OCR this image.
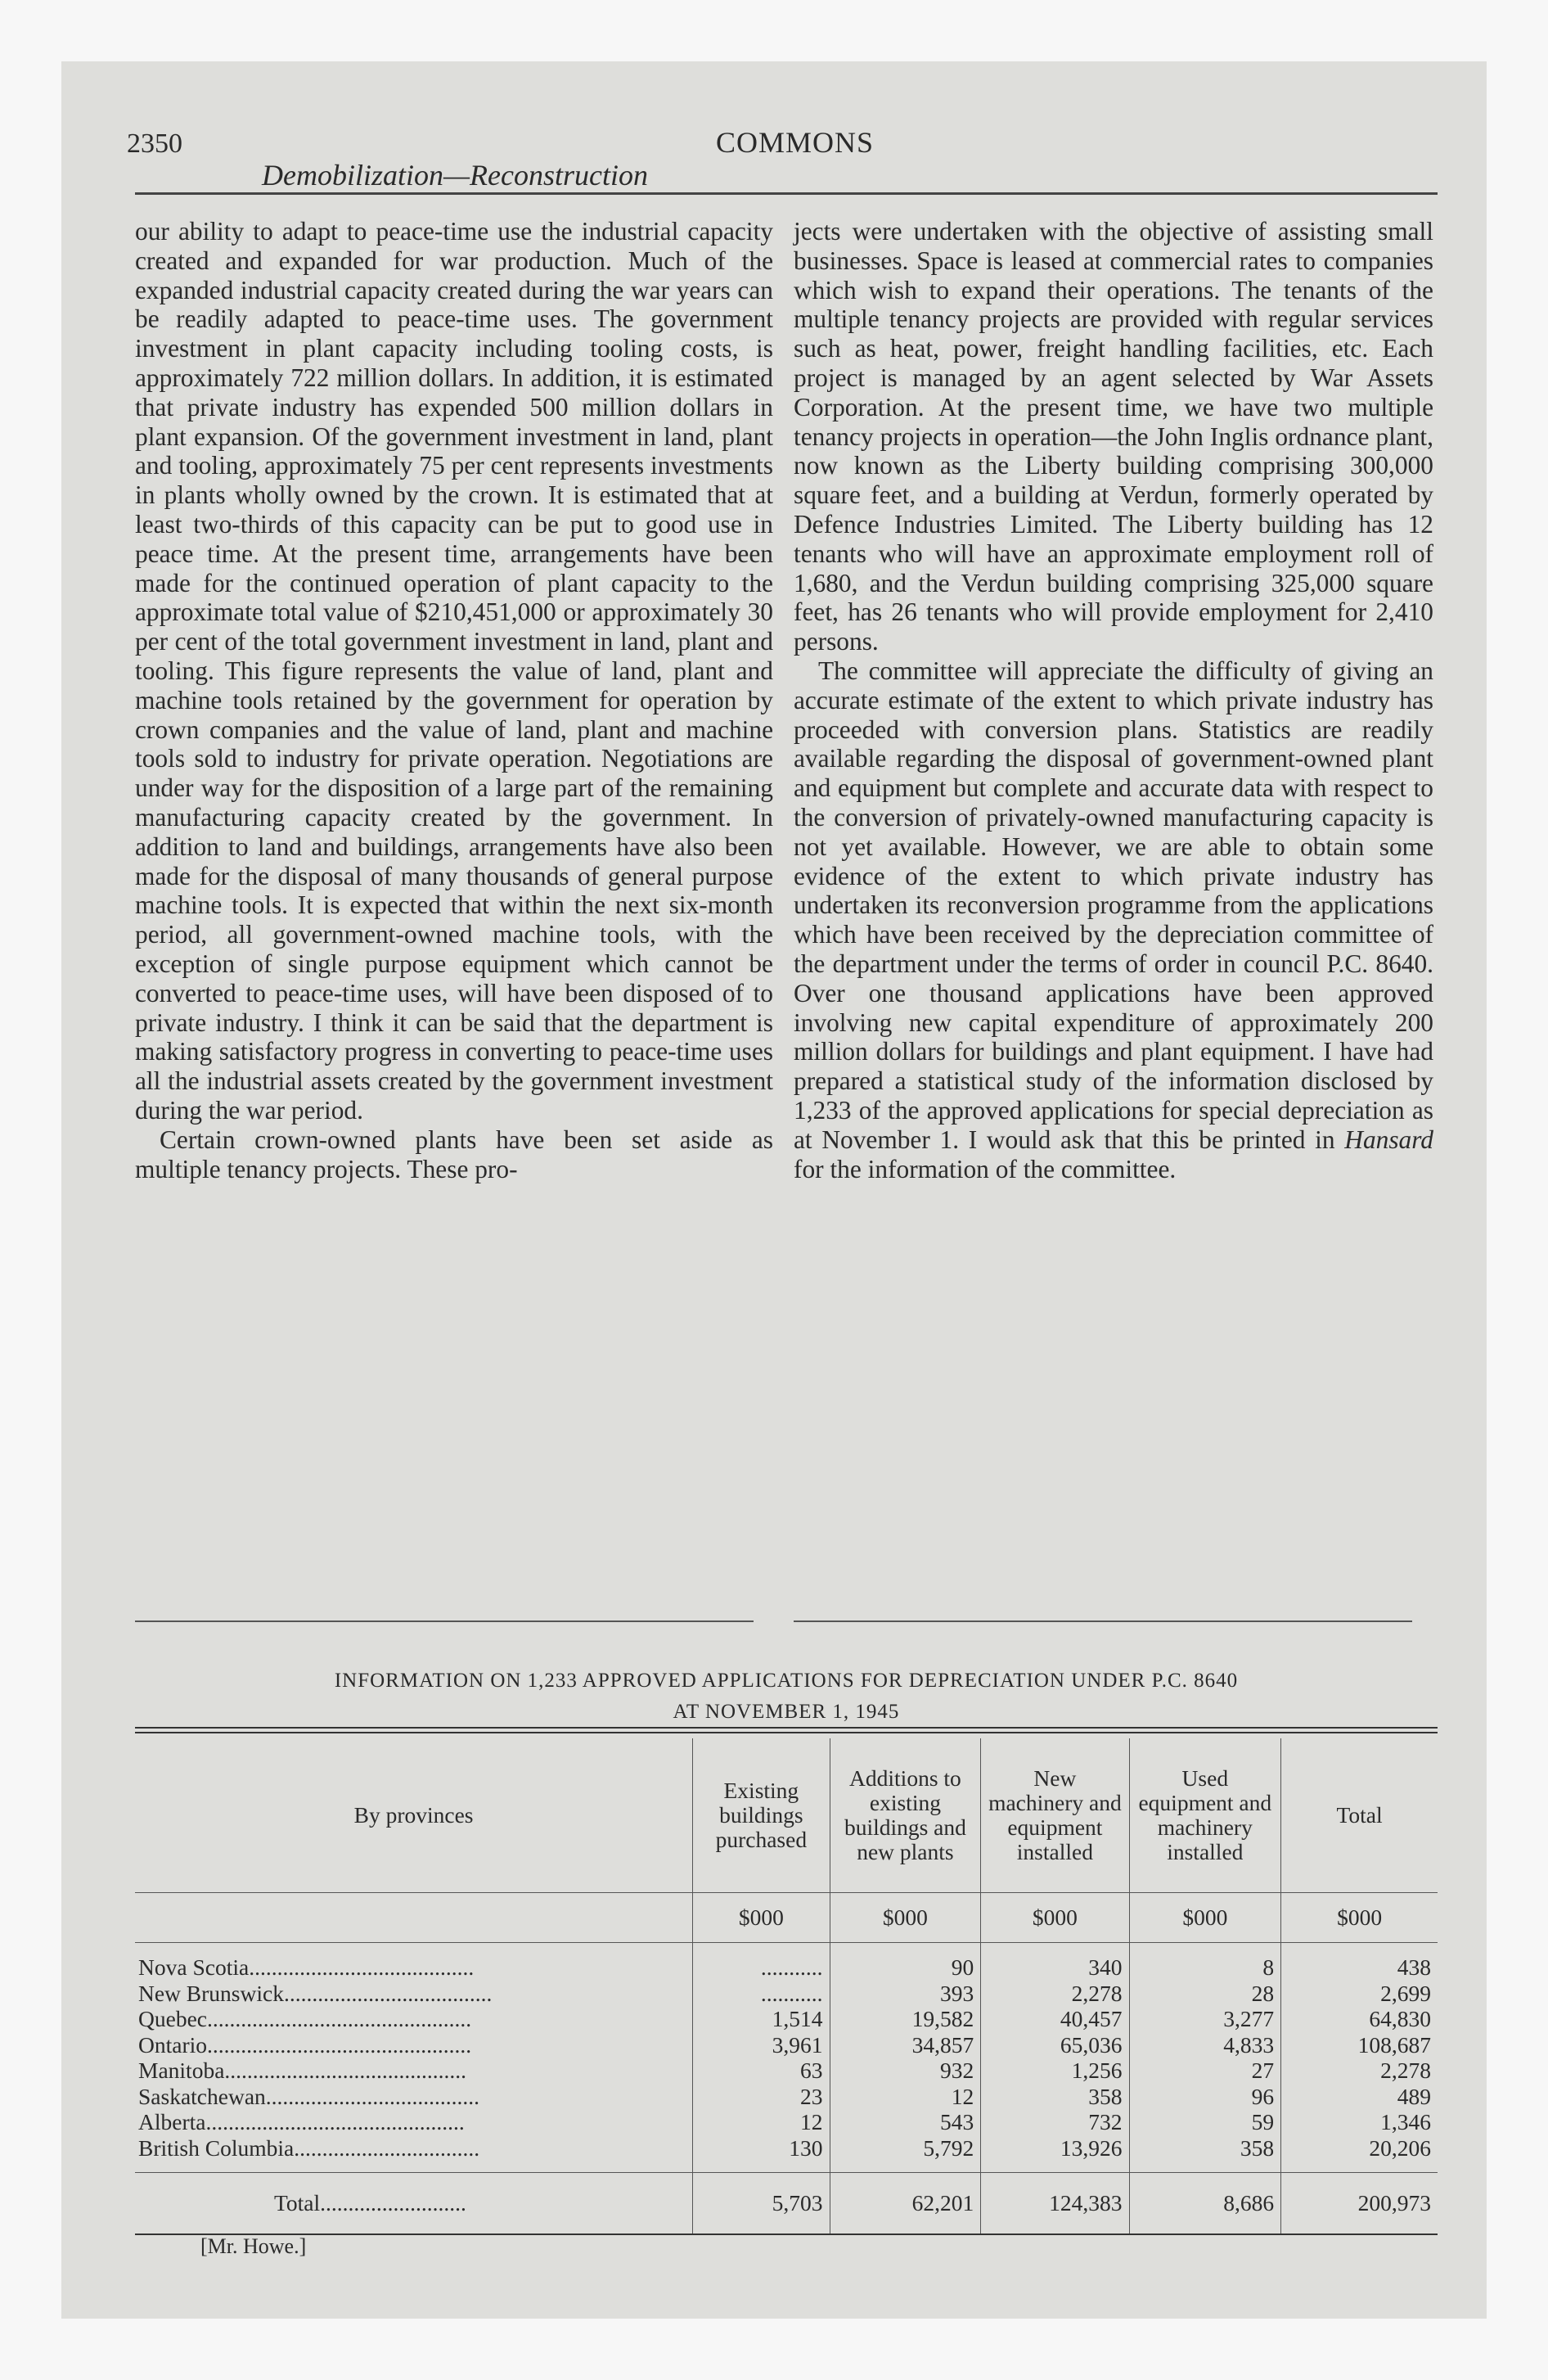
2350	COMMONS
Demobilization—Reconstruction

our ability to adapt to peace-time use the industrial capacity created and expanded for war production. Much of the expanded industrial capacity created during the war years can be readily adapted to peace-time uses. The government investment in plant capacity including tooling costs, is approximately 722 million dollars. In addition, it is estimated that private industry has expended 500 million dollars in plant expansion. Of the government investment in land, plant and tooling, approximately 75 per cent represents investments in plants wholly owned by the crown. It is estimated that at least two-thirds of this capacity can be put to good use in peace time. At the present time, arrangements have been made for the continued operation of plant capacity to the approximate total value of $210,451,000 or approximately 30 per cent of the total government investment in land, plant and tooling. This figure represents the value of land, plant and machine tools retained by the government for operation by crown companies and the value of land, plant and machine tools sold to industry for private operation. Negotiations are under way for the disposition of a large part of the remaining manufacturing capacity created by the government. In addition to land and buildings, arrangements have also been made for the disposal of many thousands of general purpose machine tools. It is expected that within the next six-month period, all government-owned machine tools, with the exception of single purpose equipment which cannot be converted to peace-time uses, will have been disposed of to private industry. I think it can be said that the department is making satisfactory progress in converting to peace-time uses all the industrial assets created by the government investment during the war period.

Certain crown-owned plants have been set aside as multiple tenancy projects. These pro-

jects were undertaken with the objective of assisting small businesses. Space is leased at commercial rates to companies which wish to expand their operations. The tenants of the multiple tenancy projects are provided with regular services such as heat, power, freight handling facilities, etc. Each project is managed by an agent selected by War Assets Corporation. At the present time, we have two multiple tenancy projects in operation—the John Inglis ordnance plant, now known as the Liberty building comprising 300,000 square feet, and a building at Verdun, formerly operated by Defence Industries Limited. The Liberty building has 12 tenants who will have an approximate employment roll of 1,680, and the Verdun building comprising 325,000 square feet, has 26 tenants who will provide employment for 2,410 persons.

The committee will appreciate the difficulty of giving an accurate estimate of the extent to which private industry has proceeded with conversion plans. Statistics are readily available regarding the disposal of government-owned plant and equipment but complete and accurate data with respect to the conversion of privately-owned manufacturing capacity is not yet available. However, we are able to obtain some evidence of the extent to which private industry has undertaken its reconversion programme from the applications which have been received by the depreciation committee of the department under the terms of order in council P.C. 8640. Over one thousand applications have been approved involving new capital expenditure of approximately 200 million dollars for buildings and plant equipment. I have had prepared a statistical study of the information disclosed by 1,233 of the approved applications for special depreciation as at November 1. I would ask that this be printed in Hansard for the information of the committee.

INFORMATION ON 1,233 APPROVED APPLICATIONS FOR DEPRECIATION UNDER P.C. 8640
AT NOVEMBER 1, 1945
By provinces	Existing buildings purchased	Additions to existing buildings and new plants	New machinery and equipment installed	Used equipment and machinery installed	Total
	$000	$000	$000	$000	$000

Nova Scotia........................................	...........	90	340	8	438
New Brunswick.....................................	...........	393	2,278	28	2,699
Quebec...............................................	1,514	19,582	40,457	3,277	64,830
Ontario...............................................	3,961	34,857	65,036	4,833	108,687
Manitoba...........................................	63	932	1,256	27	2,278
Saskatchewan......................................	23	12	358	96	489
Alberta..............................................	12	543	732	59	1,346
British Columbia.................................	130	5,792	13,926	358	20,206

Total..........................	5,703	62,201	124,383	8,686	200,973
[Mr. Howe.]
